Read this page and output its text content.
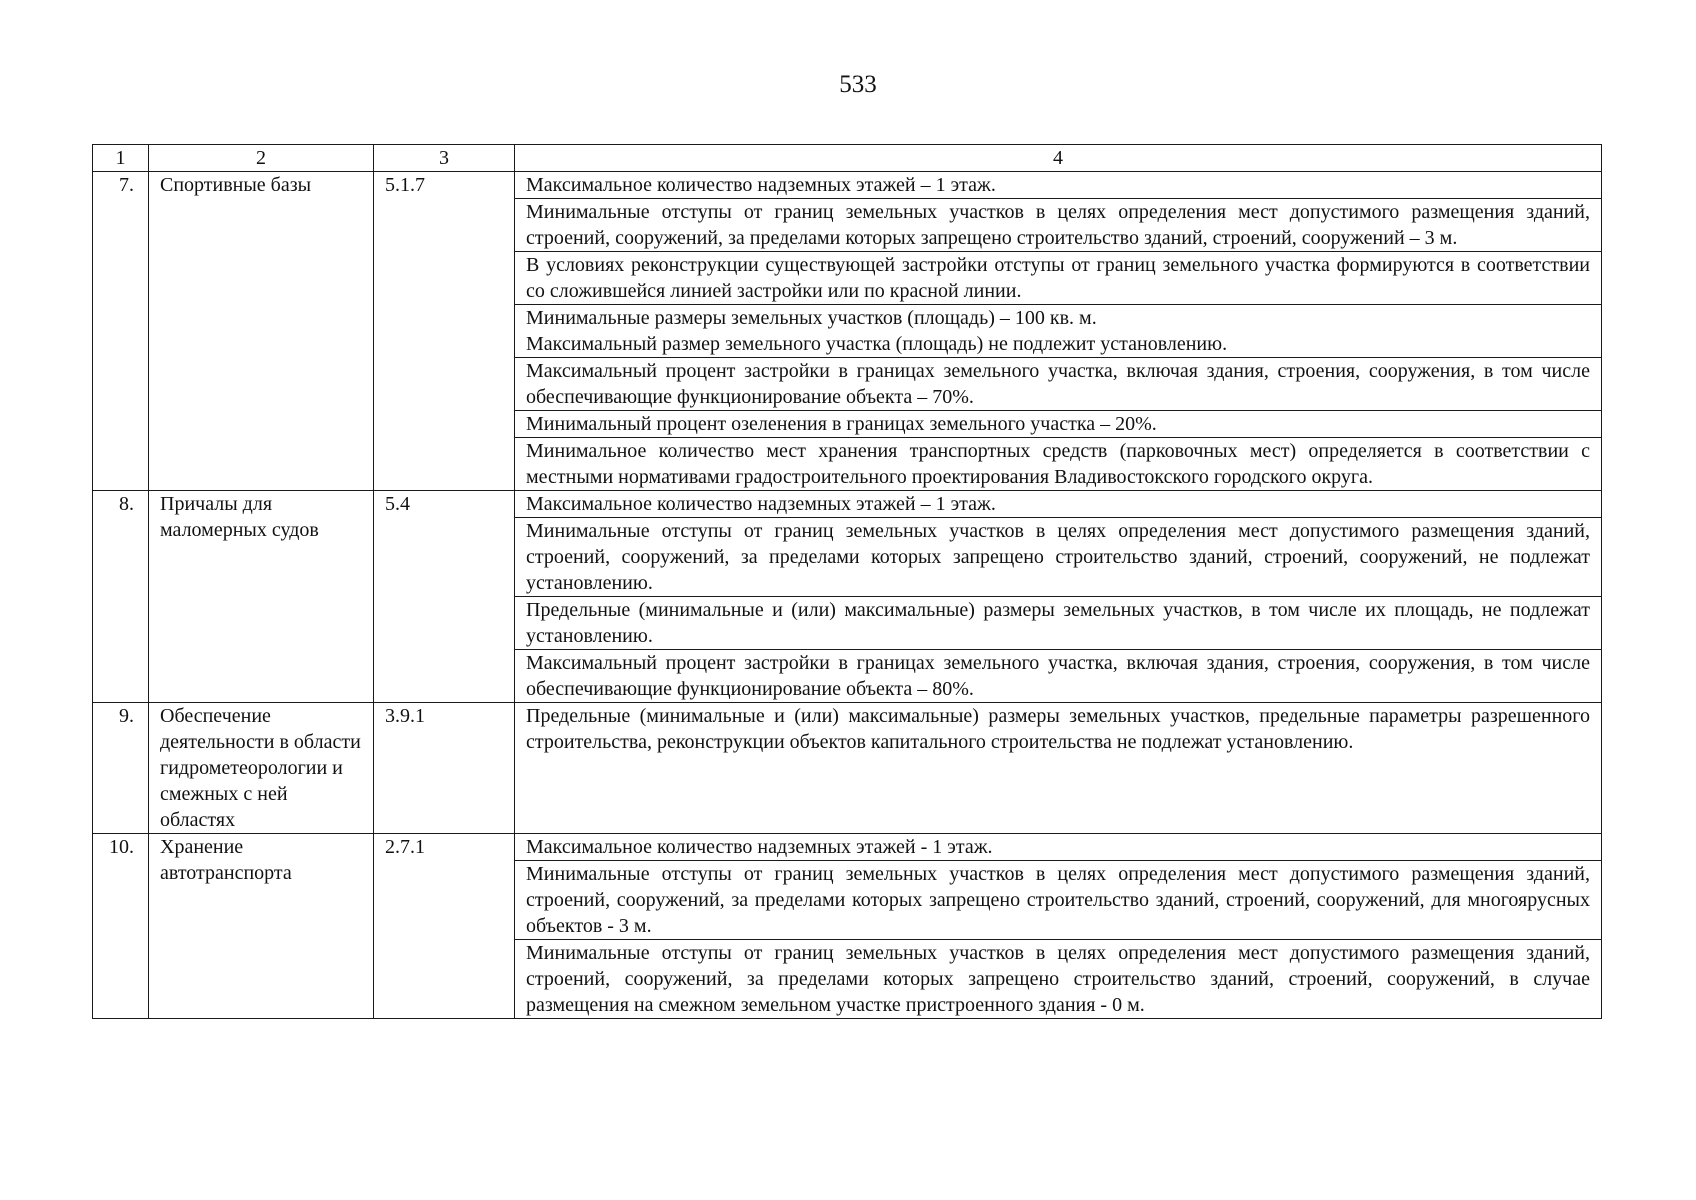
533
1	2	3	4
7.	Спортивные базы	5.1.7	Максимальное количество надземных этажей – 1 этаж.

			Минимальные отступы от границ земельных участков в целях определения мест допустимого размещения зданий, строений, сооружений, за пределами которых запрещено строительство зданий, строений, сооружений – 3 м.

			В условиях реконструкции существующей застройки отступы от границ земельного участка формируются в соответствии со сложившейся линией застройки или по красной линии.

			Минимальные размеры земельных участков (площадь) – 100 кв. м.
Максимальный размер земельного участка (площадь) не подлежит установлению.

			Максимальный процент застройки в границах земельного участка, включая здания, строения, сооружения, в том числе обеспечивающие функционирование объекта – 70%.

			Минимальный процент озеленения в границах земельного участка – 20%.

			Минимальное количество мест хранения транспортных средств (парковочных мест) определяется в соответствии с местными нормативами градостроительного проектирования Владивостокского городского округа.

8.	Причалы для маломерных судов	5.4	Максимальное количество надземных этажей – 1 этаж.

			Минимальные отступы от границ земельных участков в целях определения мест допустимого размещения зданий, строений, сооружений, за пределами которых запрещено строительство зданий, строений, сооружений, не подлежат установлению.

			Предельные (минимальные и (или) максимальные) размеры земельных участков, в том числе их площадь, не подлежат установлению.

			Максимальный процент застройки в границах земельного участка, включая здания, строения, сооружения, в том числе обеспечивающие функционирование объекта – 80%.

9.	Обеспечение деятельности в области гидрометеорологии и смежных с ней областях	3.9.1	Предельные (минимальные и (или) максимальные) размеры земельных участков, предельные параметры разрешенного строительства, реконструкции объектов капитального строительства не подлежат установлению.

10.	Хранение автотранспорта	2.7.1	Максимальное количество надземных этажей - 1 этаж.

			Минимальные отступы от границ земельных участков в целях определения мест допустимого размещения зданий, строений, сооружений, за пределами которых запрещено строительство зданий, строений, сооружений, для многоярусных объектов - 3 м.

			Минимальные отступы от границ земельных участков в целях определения мест допустимого размещения зданий, строений, сооружений, за пределами которых запрещено строительство зданий, строений, сооружений, в случае размещения на смежном земельном участке пристроенного здания - 0 м.
